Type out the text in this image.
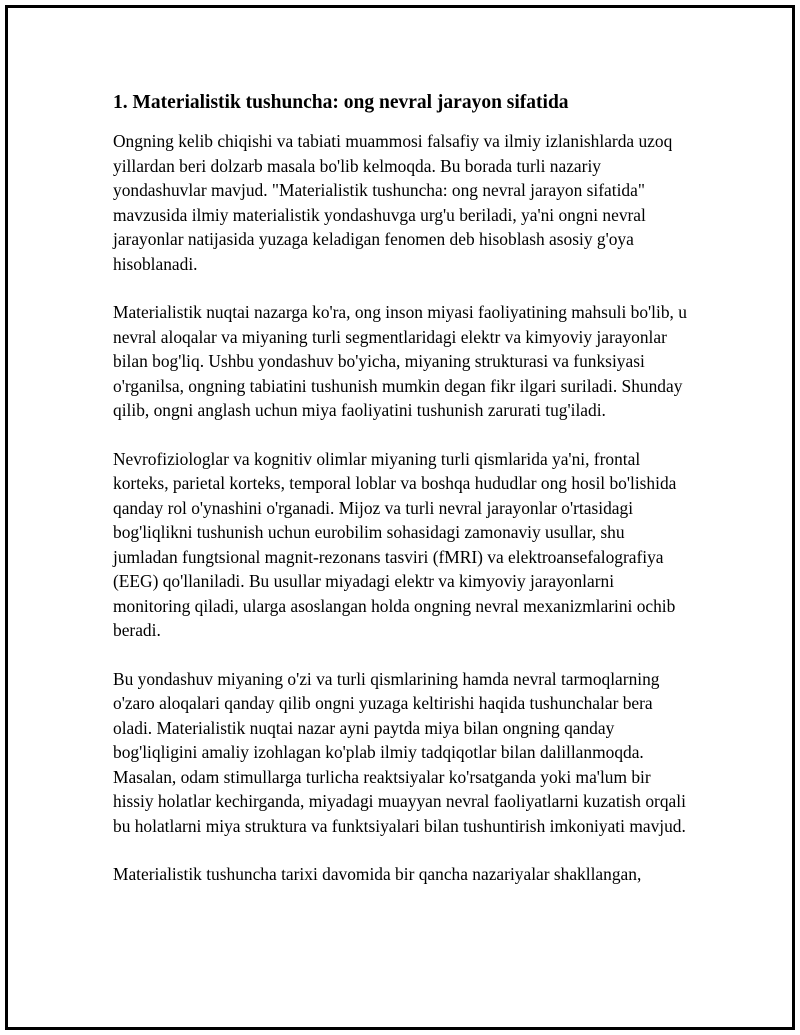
1. Materialistik tushuncha: ong nevral jarayon sifatida

Ongning kelib chiqishi va tabiati muammosi falsafiy va ilmiy izlanishlarda uzoq yillardan beri dolzarb masala bo'lib kelmoqda. Bu borada turli nazariy yondashuvlar mavjud. "Materialistik tushuncha: ong nevral jarayon sifatida" mavzusida ilmiy materialistik yondashuvga urg'u beriladi, ya'ni ongni nevral jarayonlar natijasida yuzaga keladigan fenomen deb hisoblash asosiy g'oya hisoblanadi.

Materialistik nuqtai nazarga ko'ra, ong inson miyasi faoliyatining mahsuli bo'lib, u nevral aloqalar va miyaning turli segmentlaridagi elektr va kimyoviy jarayonlar bilan bog'liq. Ushbu yondashuv bo'yicha, miyaning strukturasi va funksiyasi o'rganilsa, ongning tabiatini tushunish mumkin degan fikr ilgari suriladi. Shunday qilib, ongni anglash uchun miya faoliyatini tushunish zarurati tug'iladi.

Nevrofiziologlar va kognitiv olimlar miyaning turli qismlarida ya'ni, frontal korteks, parietal korteks, temporal loblar va boshqa hududlar ong hosil bo'lishida qanday rol o'ynashini o'rganadi. Mijoz va turli nevral jarayonlar o'rtasidagi bog'liqlikni tushunish uchun eurobilim sohasidagi zamonaviy usullar, shu jumladan fungtsional magnit-rezonans tasviri (fMRI) va elektroansefalografiya (EEG) qo'llaniladi. Bu usullar miyadagi elektr va kimyoviy jarayonlarni monitoring qiladi, ularga asoslangan holda ongning nevral mexanizmlarini ochib beradi.

Bu yondashuv miyaning o'zi va turli qismlarining hamda nevral tarmoqlarning o'zaro aloqalari qanday qilib ongni yuzaga keltirishi haqida tushunchalar bera oladi. Materialistik nuqtai nazar ayni paytda miya bilan ongning qanday bog'liqligini amaliy izohlagan ko'plab ilmiy tadqiqotlar bilan dalillanmoqda. Masalan, odam stimullarga turlicha reaktsiyalar ko'rsatganda yoki ma'lum bir hissiy holatlar kechirganda, miyadagi muayyan nevral faoliyatlarni kuzatish orqali bu holatlarni miya struktura va funktsiyalari bilan tushuntirish imkoniyati mavjud.

Materialistik tushuncha tarixi davomida bir qancha nazariyalar shakllangan,
